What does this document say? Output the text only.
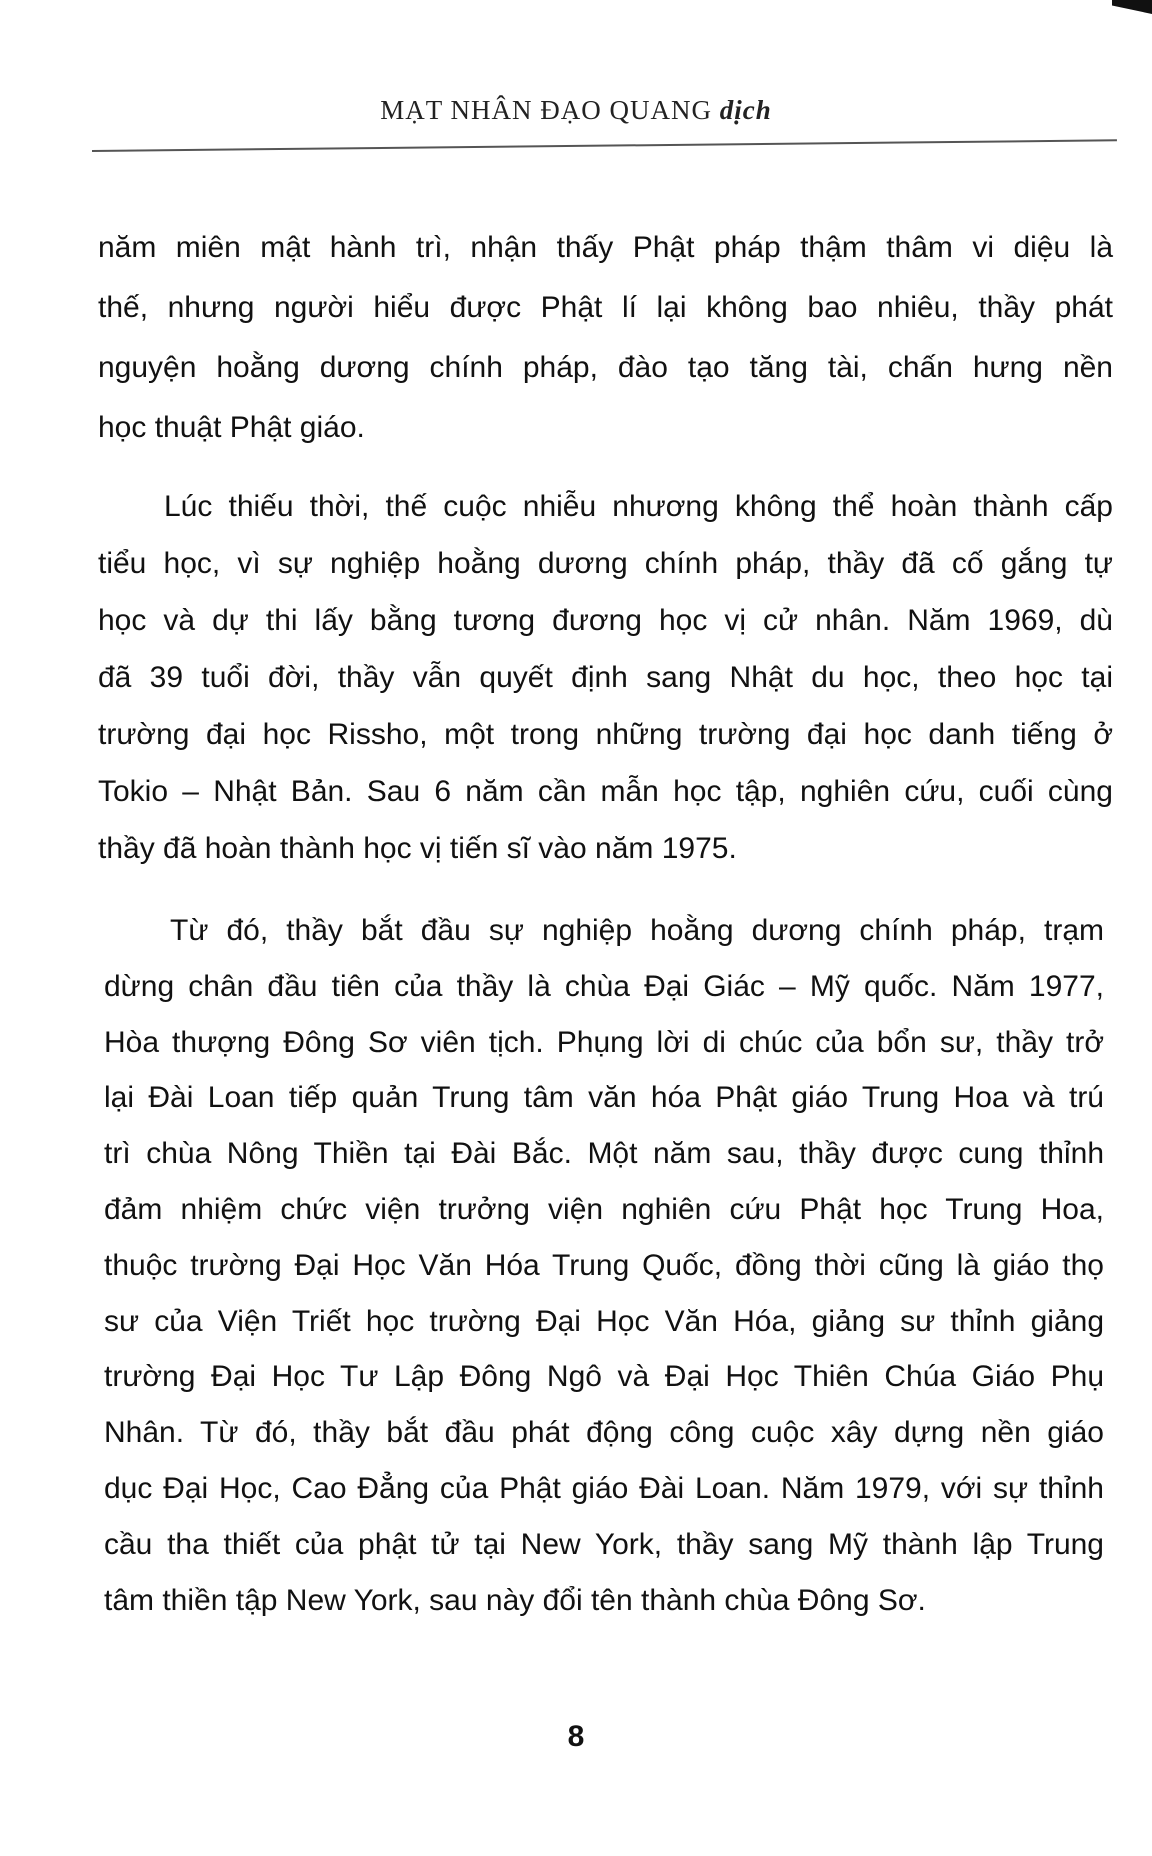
MẠT NHÂN ĐẠO QUANG dịch
năm miên mật hành trì, nhận thấy Phật pháp thậm thâm vi diệu là
thế, nhưng người hiểu được Phật lí lại không bao nhiêu, thầy phát
nguyện hoằng dương chính pháp, đào tạo tăng tài, chấn hưng nền
học thuật Phật giáo.
Lúc thiếu thời, thế cuộc nhiễu nhương không thể hoàn thành cấp
tiểu học, vì sự nghiệp hoằng dương chính pháp, thầy đã cố gắng tự
học và dự thi lấy bằng tương đương học vị cử nhân. Năm 1969, dù
đã 39 tuổi đời, thầy vẫn quyết định sang Nhật du học, theo học tại
trường đại học Rissho, một trong những trường đại học danh tiếng ở
Tokio – Nhật Bản. Sau 6 năm cần mẫn học tập, nghiên cứu, cuối cùng
thầy đã hoàn thành học vị tiến sĩ vào năm 1975.
Từ đó, thầy bắt đầu sự nghiệp hoằng dương chính pháp, trạm
dừng chân đầu tiên của thầy là chùa Đại Giác – Mỹ quốc. Năm 1977,
Hòa thượng Đông Sơ viên tịch. Phụng lời di chúc của bổn sư, thầy trở
lại Đài Loan tiếp quản Trung tâm văn hóa Phật giáo Trung Hoa và trú
trì chùa Nông Thiền tại Đài Bắc. Một năm sau, thầy được cung thỉnh
đảm nhiệm chức viện trưởng viện nghiên cứu Phật học Trung Hoa,
thuộc trường Đại Học Văn Hóa Trung Quốc, đồng thời cũng là giáo thọ
sư của Viện Triết học trường Đại Học Văn Hóa, giảng sư thỉnh giảng
trường Đại Học Tư Lập Đông Ngô và Đại Học Thiên Chúa Giáo Phụ
Nhân. Từ đó, thầy bắt đầu phát động công cuộc xây dựng nền giáo
dục Đại Học, Cao Đẳng của Phật giáo Đài Loan. Năm 1979, với sự thỉnh
cầu tha thiết của phật tử tại New York, thầy sang Mỹ thành lập Trung
tâm thiền tập New York, sau này đổi tên thành chùa Đông Sơ.
8
